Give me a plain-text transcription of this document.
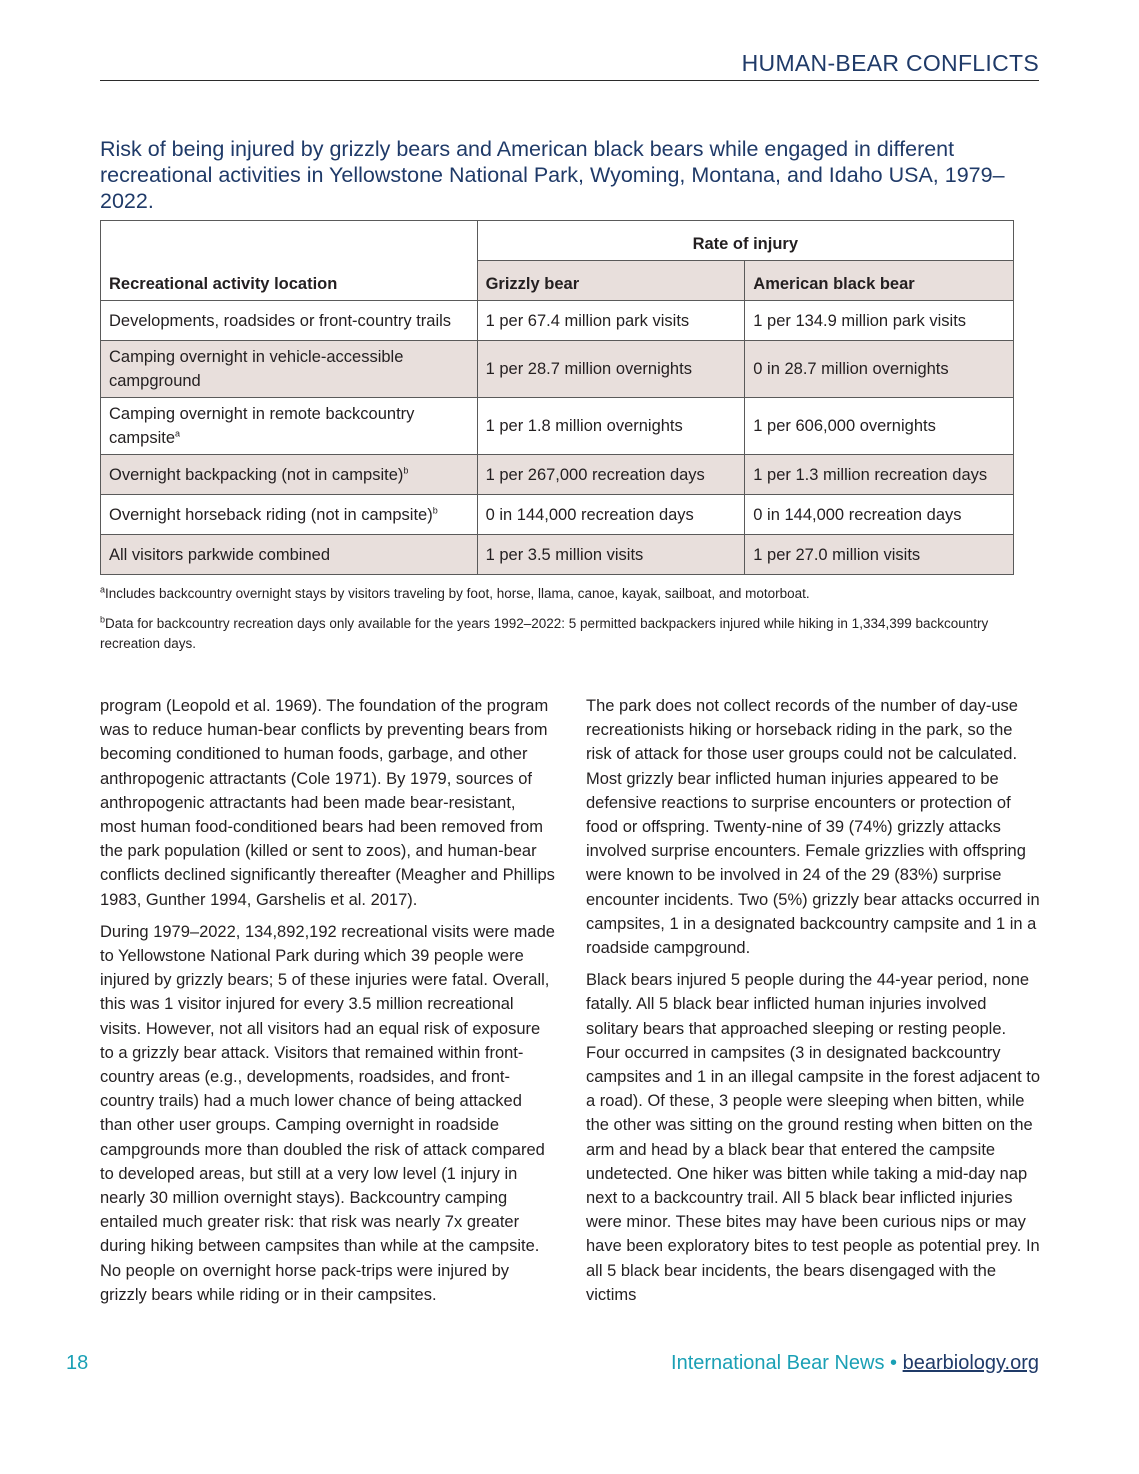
HUMAN-BEAR CONFLICTS
Risk of being injured by grizzly bears and American black bears while engaged in different recreational activities in Yellowstone National Park, Wyoming, Montana, and Idaho USA, 1979–2022.
Recreational activity location	Rate of injury	
	Grizzly bear	American black bear
Developments, roadsides or front-country trails	1 per 67.4 million park visits	1 per 134.9 million park visits
Camping overnight in vehicle-accessible campground	1 per 28.7 million overnights	0 in 28.7 million overnights
Camping overnight in remote backcountry campsite$^a$	1 per 1.8 million overnights	1 per 606,000 overnights
Overnight backpacking (not in campsite)$^b$	1 per 267,000 recreation days	1 per 1.3 million recreation days
Overnight horseback riding (not in campsite)$^b$	0 in 144,000 recreation days	0 in 144,000 recreation days
All visitors parkwide combined	1 per 3.5 million visits	1 per 27.0 million visits
$^a$Includes backcountry overnight stays by visitors traveling by foot, horse, llama, canoe, kayak, sailboat, and motorboat.
$^b$Data for backcountry recreation days only available for the years 1992–2022: 5 permitted backpackers injured while hiking in 1,334,399 backcountry recreation days.

program (Leopold et al. 1969). The foundation of the program was to reduce human-bear conflicts by preventing bears from becoming conditioned to human foods, garbage, and other anthropogenic attractants (Cole 1971). By 1979, sources of anthropogenic attractants had been made bear-resistant, most human food-conditioned bears had been removed from the park population (killed or sent to zoos), and human-bear conflicts declined significantly thereafter (Meagher and Phillips 1983, Gunther 1994, Garshelis et al. 2017).

During 1979–2022, 134,892,192 recreational visits were made to Yellowstone National Park during which 39 people were injured by grizzly bears; 5 of these injuries were fatal. Overall, this was 1 visitor injured for every 3.5 million recreational visits. However, not all visitors had an equal risk of exposure to a grizzly bear attack. Visitors that remained within front-country areas (e.g., developments, roadsides, and front-country trails) had a much lower chance of being attacked than other user groups. Camping overnight in roadside campgrounds more than doubled the risk of attack compared to developed areas, but still at a very low level (1 injury in nearly 30 million overnight stays). Backcountry camping entailed much greater risk: that risk was nearly 7x greater during hiking between campsites than while at the campsite. No people on overnight horse pack-trips were injured by grizzly bears while riding or in their campsites.

The park does not collect records of the number of day-use recreationists hiking or horseback riding in the park, so the risk of attack for those user groups could not be calculated. Most grizzly bear inflicted human injuries appeared to be defensive reactions to surprise encounters or protection of food or offspring. Twenty-nine of 39 (74%) grizzly attacks involved surprise encounters. Female grizzlies with offspring were known to be involved in 24 of the 29 (83%) surprise encounter incidents. Two (5%) grizzly bear attacks occurred in campsites, 1 in a designated backcountry campsite and 1 in a roadside campground.

Black bears injured 5 people during the 44-year period, none fatally. All 5 black bear inflicted human injuries involved solitary bears that approached sleeping or resting people. Four occurred in campsites (3 in designated backcountry campsites and 1 in an illegal campsite in the forest adjacent to a road). Of these, 3 people were sleeping when bitten, while the other was sitting on the ground resting when bitten on the arm and head by a black bear that entered the campsite undetected. One hiker was bitten while taking a mid-day nap next to a backcountry trail. All 5 black bear inflicted injuries were minor. These bites may have been curious nips or may have been exploratory bites to test people as potential prey. In all 5 black bear incidents, the bears disengaged with the victims

18	International Bear News • bearbiology.org
